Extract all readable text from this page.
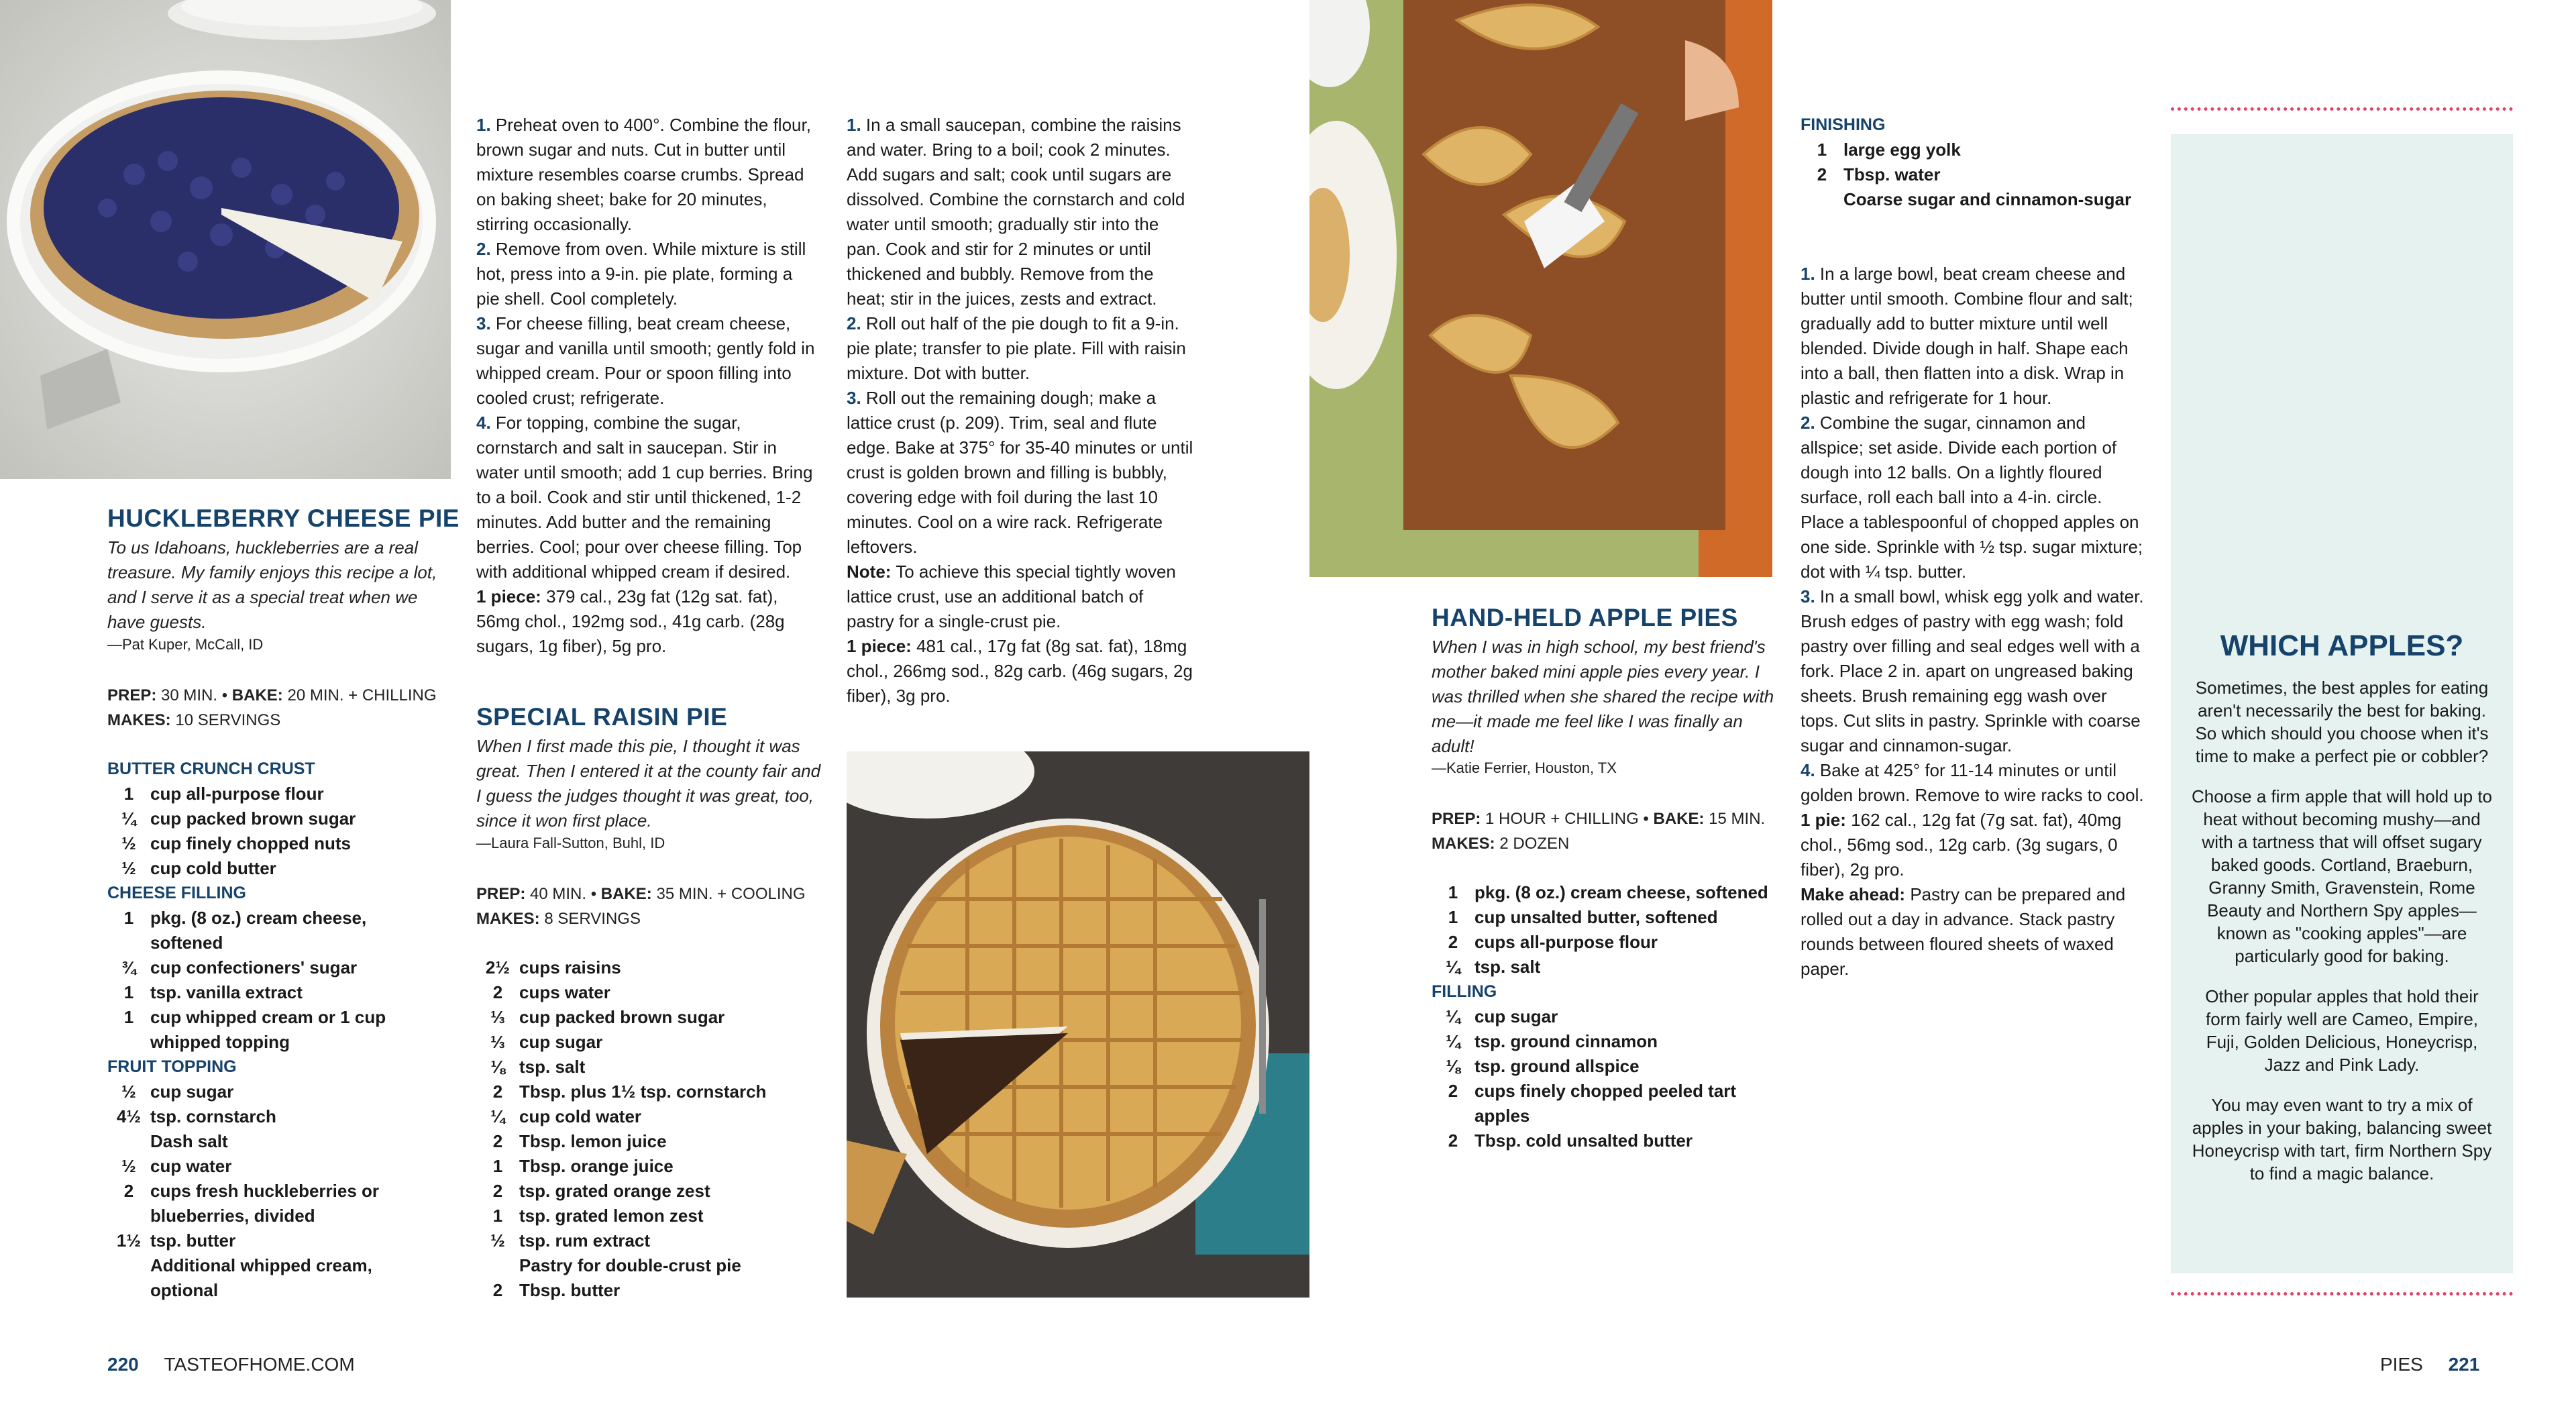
HUCKLEBERRY CHEESE PIE
To us Idahoans, huckleberries are a real treasure. My family enjoys this recipe a lot, and I serve it as a special treat when we have guests.
—Pat Kuper, McCall, ID
PREP: 30 MIN. • BAKE: 20 MIN. + CHILLING
MAKES: 10 SERVINGS
BUTTER CRUNCH CRUST
1 cup all-purpose flour
¼ cup packed brown sugar
½ cup finely chopped nuts
½ cup cold butter
CHEESE FILLING
1 pkg. (8 oz.) cream cheese, softened
¾ cup confectioners' sugar
1 tsp. vanilla extract
1 cup whipped cream or 1 cup whipped topping
FRUIT TOPPING
½ cup sugar
4½ tsp. cornstarch
Dash salt
½ cup water
2 cups fresh huckleberries or blueberries, divided
1½ tsp. butter
Additional whipped cream, optional

1. Preheat oven to 400°. Combine the flour, brown sugar and nuts. Cut in butter until mixture resembles coarse crumbs. Spread on baking sheet; bake for 20 minutes, stirring occasionally.

2. Remove from oven. While mixture is still hot, press into a 9-in. pie plate, forming a pie shell. Cool completely.

3. For cheese filling, beat cream cheese, sugar and vanilla until smooth; gently fold in whipped cream. Pour or spoon filling into cooled crust; refrigerate.

4. For topping, combine the sugar, cornstarch and salt in saucepan. Stir in water until smooth; add 1 cup berries. Bring to a boil. Cook and stir until thickened, 1-2 minutes. Add butter and the remaining berries. Cool; pour over cheese filling. Top with additional whipped cream if desired.

1 piece: 379 cal., 23g fat (12g sat. fat), 56mg chol., 192mg sod., 41g carb. (28g sugars, 1g fiber), 5g pro.

SPECIAL RAISIN PIE
When I first made this pie, I thought it was great. Then I entered it at the county fair and I guess the judges thought it was great, too, since it won first place.
—Laura Fall-Sutton, Buhl, ID
PREP: 40 MIN. • BAKE: 35 MIN. + COOLING
MAKES: 8 SERVINGS
2½ cups raisins
2 cups water
⅓ cup packed brown sugar
⅓ cup sugar
⅛ tsp. salt
2 Tbsp. plus 1½ tsp. cornstarch
¼ cup cold water
2 Tbsp. lemon juice
1 Tbsp. orange juice
2 tsp. grated orange zest
1 tsp. grated lemon zest
½ tsp. rum extract
Pastry for double-crust pie
2 Tbsp. butter

1. In a small saucepan, combine the raisins and water. Bring to a boil; cook 2 minutes. Add sugars and salt; cook until sugars are dissolved. Combine the cornstarch and cold water until smooth; gradually stir into the pan. Cook and stir for 2 minutes or until thickened and bubbly. Remove from the heat; stir in the juices, zests and extract.

2. Roll out half of the pie dough to fit a 9-in. pie plate; transfer to pie plate. Fill with raisin mixture. Dot with butter.

3. Roll out the remaining dough; make a lattice crust (p. 209). Trim, seal and flute edge. Bake at 375° for 35-40 minutes or until crust is golden brown and filling is bubbly, covering edge with foil during the last 10 minutes. Cool on a wire rack. Refrigerate leftovers.

Note: To achieve this special tightly woven lattice crust, use an additional batch of pastry for a single-crust pie.

1 piece: 481 cal., 17g fat (8g sat. fat), 18mg chol., 266mg sod., 82g carb. (46g sugars, 2g fiber), 3g pro.

HAND-HELD APPLE PIES
When I was in high school, my best friend's mother baked mini apple pies every year. I was thrilled when she shared the recipe with me—it made me feel like I was finally an adult!
—Katie Ferrier, Houston, TX
PREP: 1 HOUR + CHILLING • BAKE: 15 MIN.
MAKES: 2 DOZEN
1 pkg. (8 oz.) cream cheese, softened
1 cup unsalted butter, softened
2 cups all-purpose flour
¼ tsp. salt
FILLING
¼ cup sugar
¼ tsp. ground cinnamon
⅛ tsp. ground allspice
2 cups finely chopped peeled tart apples
2 Tbsp. cold unsalted butter
FINISHING
1 large egg yolk
2 Tbsp. water
Coarse sugar and cinnamon-sugar

1. In a large bowl, beat cream cheese and butter until smooth. Combine flour and salt; gradually add to butter mixture until well blended. Divide dough in half. Shape each into a ball, then flatten into a disk. Wrap in plastic and refrigerate for 1 hour.

2. Combine the sugar, cinnamon and allspice; set aside. Divide each portion of dough into 12 balls. On a lightly floured surface, roll each ball into a 4-in. circle. Place a tablespoonful of chopped apples on one side. Sprinkle with ½ tsp. sugar mixture; dot with ¼ tsp. butter.

3. In a small bowl, whisk egg yolk and water. Brush edges of pastry with egg wash; fold pastry over filling and seal edges well with a fork. Place 2 in. apart on ungreased baking sheets. Brush remaining egg wash over tops. Cut slits in pastry. Sprinkle with coarse sugar and cinnamon-sugar.

4. Bake at 425° for 11-14 minutes or until golden brown. Remove to wire racks to cool.

1 pie: 162 cal., 12g fat (7g sat. fat), 40mg chol., 56mg sod., 12g carb. (3g sugars, 0 fiber), 2g pro.

Make ahead: Pastry can be prepared and rolled out a day in advance. Stack pastry rounds between floured sheets of waxed paper.

WHICH APPLES?

Sometimes, the best apples for eating aren't necessarily the best for baking. So which should you choose when it's time to make a perfect pie or cobbler?

Choose a firm apple that will hold up to heat without becoming mushy—and with a tartness that will offset sugary baked goods. Cortland, Braeburn, Granny Smith, Gravenstein, Rome Beauty and Northern Spy apples—known as "cooking apples"—are particularly good for baking.

Other popular apples that hold their form fairly well are Cameo, Empire, Fuji, Golden Delicious, Honeycrisp, Jazz and Pink Lady.

You may even want to try a mix of apples in your baking, balancing sweet Honeycrisp with tart, firm Northern Spy to find a magic balance.

220 TASTEOFHOME.COM	PIES 221
